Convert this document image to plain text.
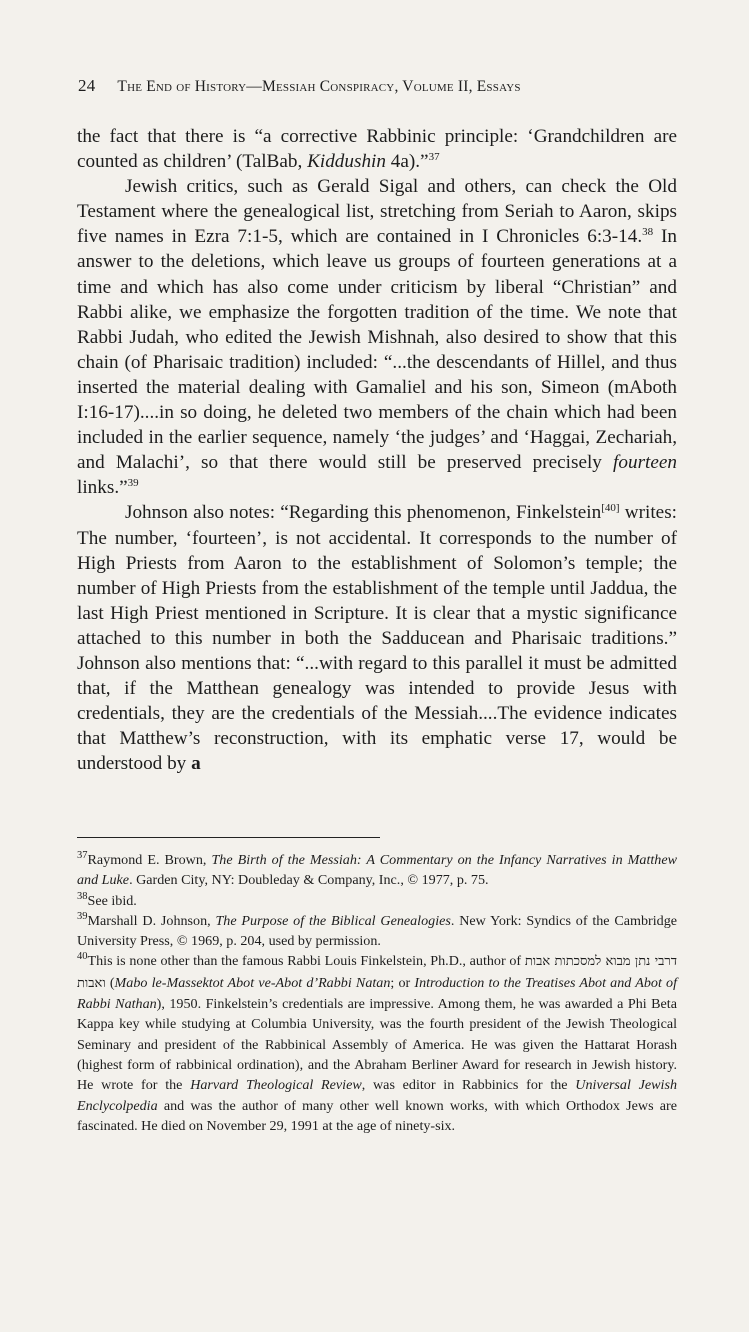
24 The End of History—Messiah Conspiracy, Volume II, Essays

the fact that there is “a corrective Rabbinic principle: ‘Grandchildren are counted as children’ (TalBab, Kiddushin 4a).”$^{37}$

Jewish critics, such as Gerald Sigal and others, can check the Old Testament where the genealogical list, stretching from Seriah to Aaron, skips five names in Ezra 7:1-5, which are contained in I Chronicles 6:3-14.38 In answer to the deletions, which leave us groups of fourteen generations at a time and which has also come under criticism by liberal “Christian” and Rabbi alike, we emphasize the forgotten tradition of the time. We note that Rabbi Judah, who edited the Jewish Mishnah, also desired to show that this chain (of Pharisaic tradition) included: “...the descendants of Hillel, and thus inserted the material dealing with Gamaliel and his son, Simeon (mAboth I:16-17)....in so doing, he deleted two members of the chain which had been included in the earlier sequence, namely ‘the judges’ and ‘Haggai, Zechariah, and Malachi’, so that there would still be preserved precisely fourteen links.”$^{39}$

Johnson also notes: “Regarding this phenomenon, Finkelstein[40] writes: The number, ‘fourteen’, is not accidental. It corresponds to the number of High Priests from Aaron to the establishment of Solomon’s temple; the number of High Priests from the establishment of the temple until Jaddua, the last High Priest mentioned in Scripture. It is clear that a mystic significance attached to this number in both the Sadducean and Pharisaic traditions.” Johnson also mentions that: “...with regard to this parallel it must be admitted that, if the Matthean genealogy was intended to provide Jesus with credentials, they are the credentials of the Messiah....The evidence indicates that Matthew’s reconstruction, with its emphatic verse 17, would be understood by a

$^{37}$Raymond E. Brown, The Birth of the Messiah: A Commentary on the Infancy Narratives in Matthew and Luke. Garden City, NY: Doubleday & Company, Inc., © 1977, p. 75.

$^{38}$See ibid.

$^{39}$Marshall D. Johnson, The Purpose of the Biblical Genealogies. New York: Syndics of the Cambridge University Press, © 1969, p. 204, used by permission.

$^{40}$This is none other than the famous Rabbi Louis Finkelstein, Ph.D., author of דרבי נתן מבוא למסכתות אבות ואבות (Mabo le-Massektot Abot ve-Abot d’Rabbi Natan; or Introduction to the Treatises Abot and Abot of Rabbi Nathan), 1950. Finkelstein’s credentials are impressive. Among them, he was awarded a Phi Beta Kappa key while studying at Columbia University, was the fourth president of the Jewish Theological Seminary and president of the Rabbinical Assembly of America. He was given the Hattarat Horash (highest form of rabbinical ordination), and the Abraham Berliner Award for research in Jewish history. He wrote for the Harvard Theological Review, was editor in Rabbinics for the Universal Jewish Enclycolpedia and was the author of many other well known works, with which Orthodox Jews are fascinated. He died on November 29, 1991 at the age of ninety-six.
